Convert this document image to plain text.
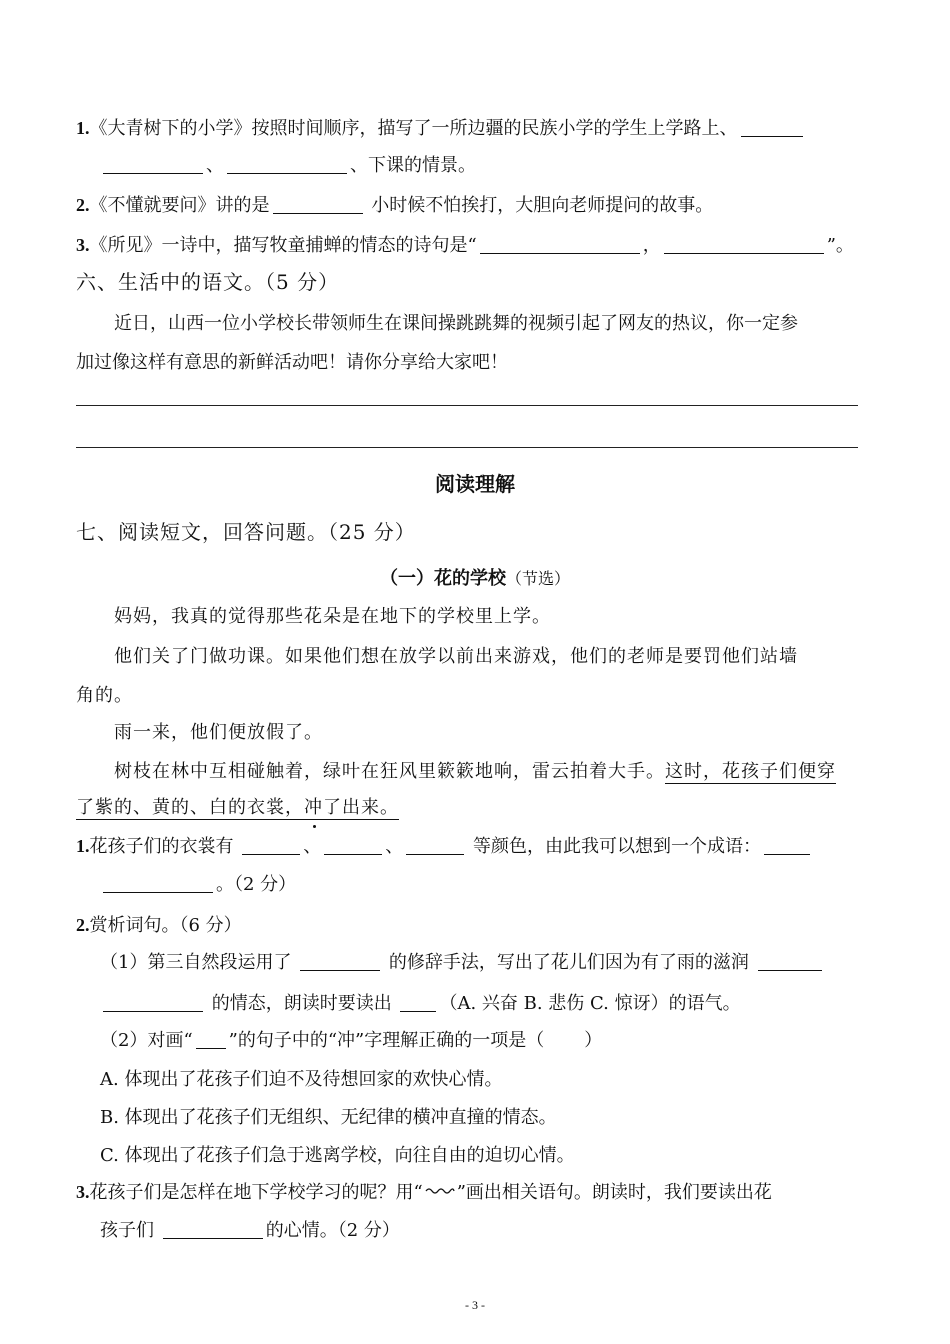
1.《大青树下的小学》按照时间顺序，描写了一所边疆的民族小学的学生上学路上、
、	、下课的情景。
2.《不懂就要问》讲的是	小时候不怕挨打，大胆向老师提问的故事。
3.《所见》一诗中，描写牧童捕蝉的情态的诗句是“	，	”。
六、生活中的语文。（5 分）
近日，山西一位小学校长带领师生在课间操跳跳舞的视频引起了网友的热议，你一定参
加过像这样有意思的新鲜活动吧！请你分享给大家吧！
阅读理解
七、阅读短文，回答问题。（25 分）
（一）花的学校（节选）
妈妈，我真的觉得那些花朵是在地下的学校里上学。
他们关了门做功课。如果他们想在放学以前出来游戏，他们的老师是要罚他们站墙
角的。
雨一来，他们便放假了。
树枝在林中互相碰触着，绿叶在狂风里簌簌地响，雷云拍着大手。这时，花孩子们便穿
了紫的、黄的、白的衣裳，冲了出来。
1.花孩子们的衣裳有	、	、	等颜色，由此我可以想到一个成语：
。（2 分）
2.赏析词句。（6 分）
（1）第三自然段运用了	的修辞手法，写出了花儿们因为有了雨的滋润
的情态，朗读时要读出	（A. 兴奋 B. 悲伤 C. 惊讶）的语气。
（2）对画“ ”的句子中的“冲”字理解正确的一项是（ ）
A. 体现出了花孩子们迫不及待想回家的欢快心情。
B. 体现出了花孩子们无组织、无纪律的横冲直撞的情态。
C. 体现出了花孩子们急于逃离学校，向往自由的迫切心情。
3.花孩子们是怎样在地下学校学习的呢？用“ ”画出相关语句。朗读时，我们要读出花
孩子们	的心情。（2 分）
- 3 -
